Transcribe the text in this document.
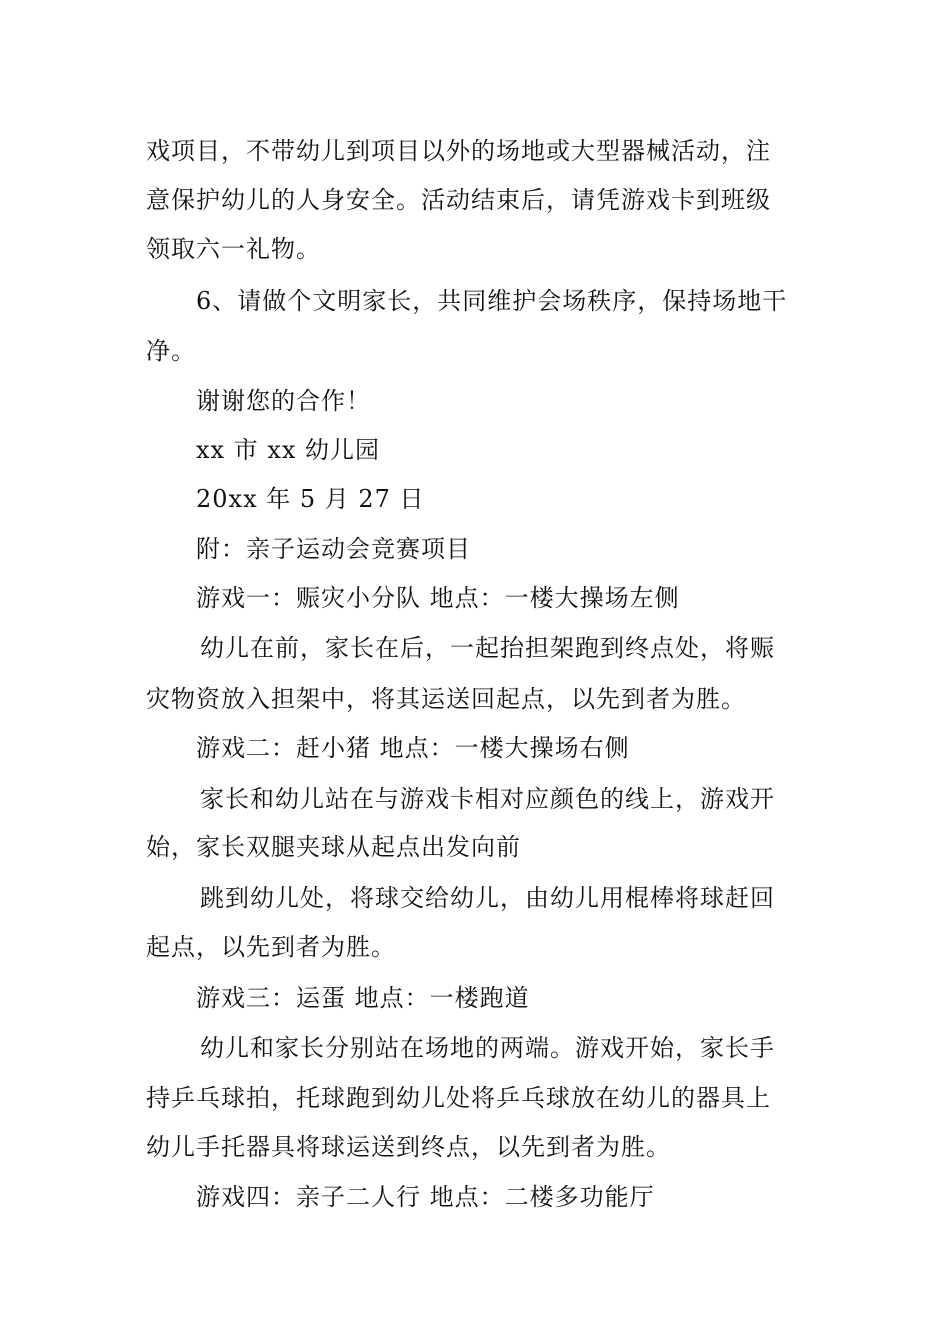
戏项目，不带幼儿到项目以外的场地或大型器械活动，注
意保护幼儿的人身安全。活动结束后，请凭游戏卡到班级
领取六一礼物。
6、请做个文明家长，共同维护会场秩序，保持场地干
净。
谢谢您的合作！
xx 市 xx 幼儿园
20xx 年 5 月 27 日
附：亲子运动会竞赛项目
游戏一：赈灾小分队 地点：一楼大操场左侧
幼儿在前，家长在后，一起抬担架跑到终点处，将赈
灾物资放入担架中，将其运送回起点，以先到者为胜。
游戏二：赶小猪 地点：一楼大操场右侧
家长和幼儿站在与游戏卡相对应颜色的线上，游戏开
始，家长双腿夹球从起点出发向前
跳到幼儿处，将球交给幼儿，由幼儿用棍棒将球赶回
起点，以先到者为胜。
游戏三：运蛋 地点：一楼跑道
幼儿和家长分别站在场地的两端。游戏开始，家长手
持乒乓球拍，托球跑到幼儿处将乒乓球放在幼儿的器具上
幼儿手托器具将球运送到终点，以先到者为胜。
游戏四：亲子二人行 地点：二楼多功能厅
